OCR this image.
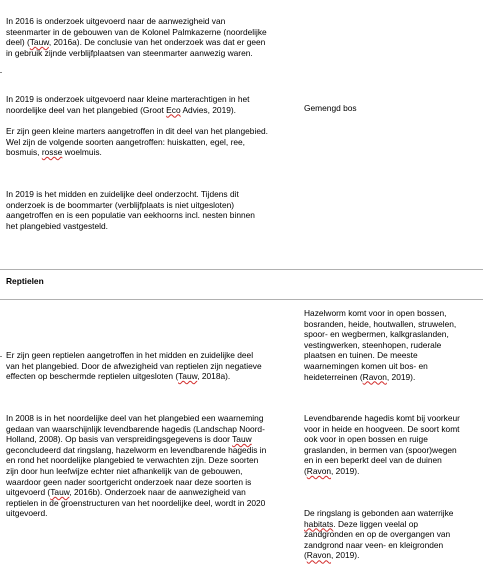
In 2016 is onderzoek uitgevoerd naar de aanwezigheid van
steenmarter in de gebouwen van de Kolonel Palmkazerne (noordelijke
deel) (Tauw, 2016a). De conclusie van het onderzoek was dat er geen
in gebruik zijnde verblijfplaatsen van steenmarter aanwezig waren.
In 2019 is onderzoek uitgevoerd naar kleine marterachtigen in het
noordelijke deel van het plangebied (Groot Eco Advies, 2019).	Gemengd bos
Er zijn geen kleine marters aangetroffen in dit deel van het plangebied.
Wel zijn de volgende soorten aangetroffen: huiskatten, egel, ree,
bosmuis, rosse woelmuis.
In 2019 is het midden en zuidelijke deel onderzocht. Tijdens dit
onderzoek is de boommarter (verblijfplaats is niet uitgesloten)
aangetroffen en is een populatie van eekhoorns incl. nesten binnen
het plangebied vastgesteld.
Reptielen
Hazelworm komt voor in open bossen,
bosranden, heide, houtwallen, struwelen,
spoor- en wegbermen, kalkgraslanden,
vestingwerken, steenhopen, ruderale
plaatsen en tuinen. De meeste
waarnemingen komen uit bos- en
heideterreinen (Ravon, 2019).
Er zijn geen reptielen aangetroffen in het midden en zuidelijke deel
van het plangebied. Door de afwezigheid van reptielen zijn negatieve
effecten op beschermde reptielen uitgesloten (Tauw, 2018a).
In 2008 is in het noordelijke deel van het plangebied een waarneming
gedaan van waarschijnlijk levendbarende hagedis (Landschap Noord-
Holland, 2008). Op basis van verspreidingsgegevens is door Tauw
geconcludeerd dat ringslang, hazelworm en levendbarende hagedis in
en rond het noordelijke plangebied te verwachten zijn. Deze soorten
zijn door hun leefwijze echter niet afhankelijk van de gebouwen,
waardoor geen nader soortgericht onderzoek naar deze soorten is
uitgevoerd (Tauw, 2016b). Onderzoek naar de aanwezigheid van
reptielen in de groenstructuren van het noordelijke deel, wordt in 2020
uitgevoerd.
Levendbarende hagedis komt bij voorkeur
voor in heide en hoogveen. De soort komt
ook voor in open bossen en ruige
graslanden, in bermen van (spoor)wegen
en in een beperkt deel van de duinen
(Ravon, 2019).
De ringslang is gebonden aan waterrijke
habitats. Deze liggen veelal op
zandgronden en op de overgangen van
zandgrond naar veen- en kleigronden
(Ravon, 2019).
